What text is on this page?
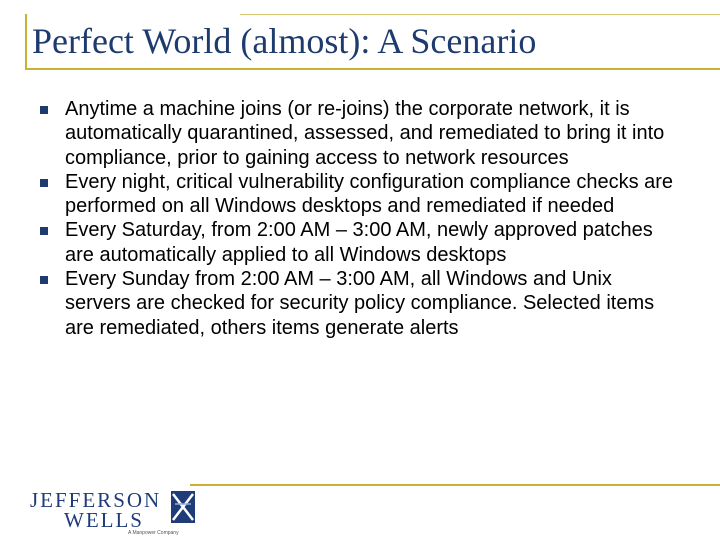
Perfect World (almost): A Scenario
Anytime a machine joins (or re-joins) the corporate network, it is automatically quarantined, assessed, and remediated to bring it into compliance, prior to gaining access to network resources
Every night, critical vulnerability configuration compliance checks are performed on all Windows desktops and remediated if needed
Every Saturday, from 2:00 AM – 3:00 AM, newly approved patches are automatically applied to all Windows desktops
Every Sunday from 2:00 AM – 3:00 AM, all Windows and Unix servers are checked for security policy compliance. Selected items are remediated, others items generate alerts
JEFFERSON
WELLS
A Manpower Company
